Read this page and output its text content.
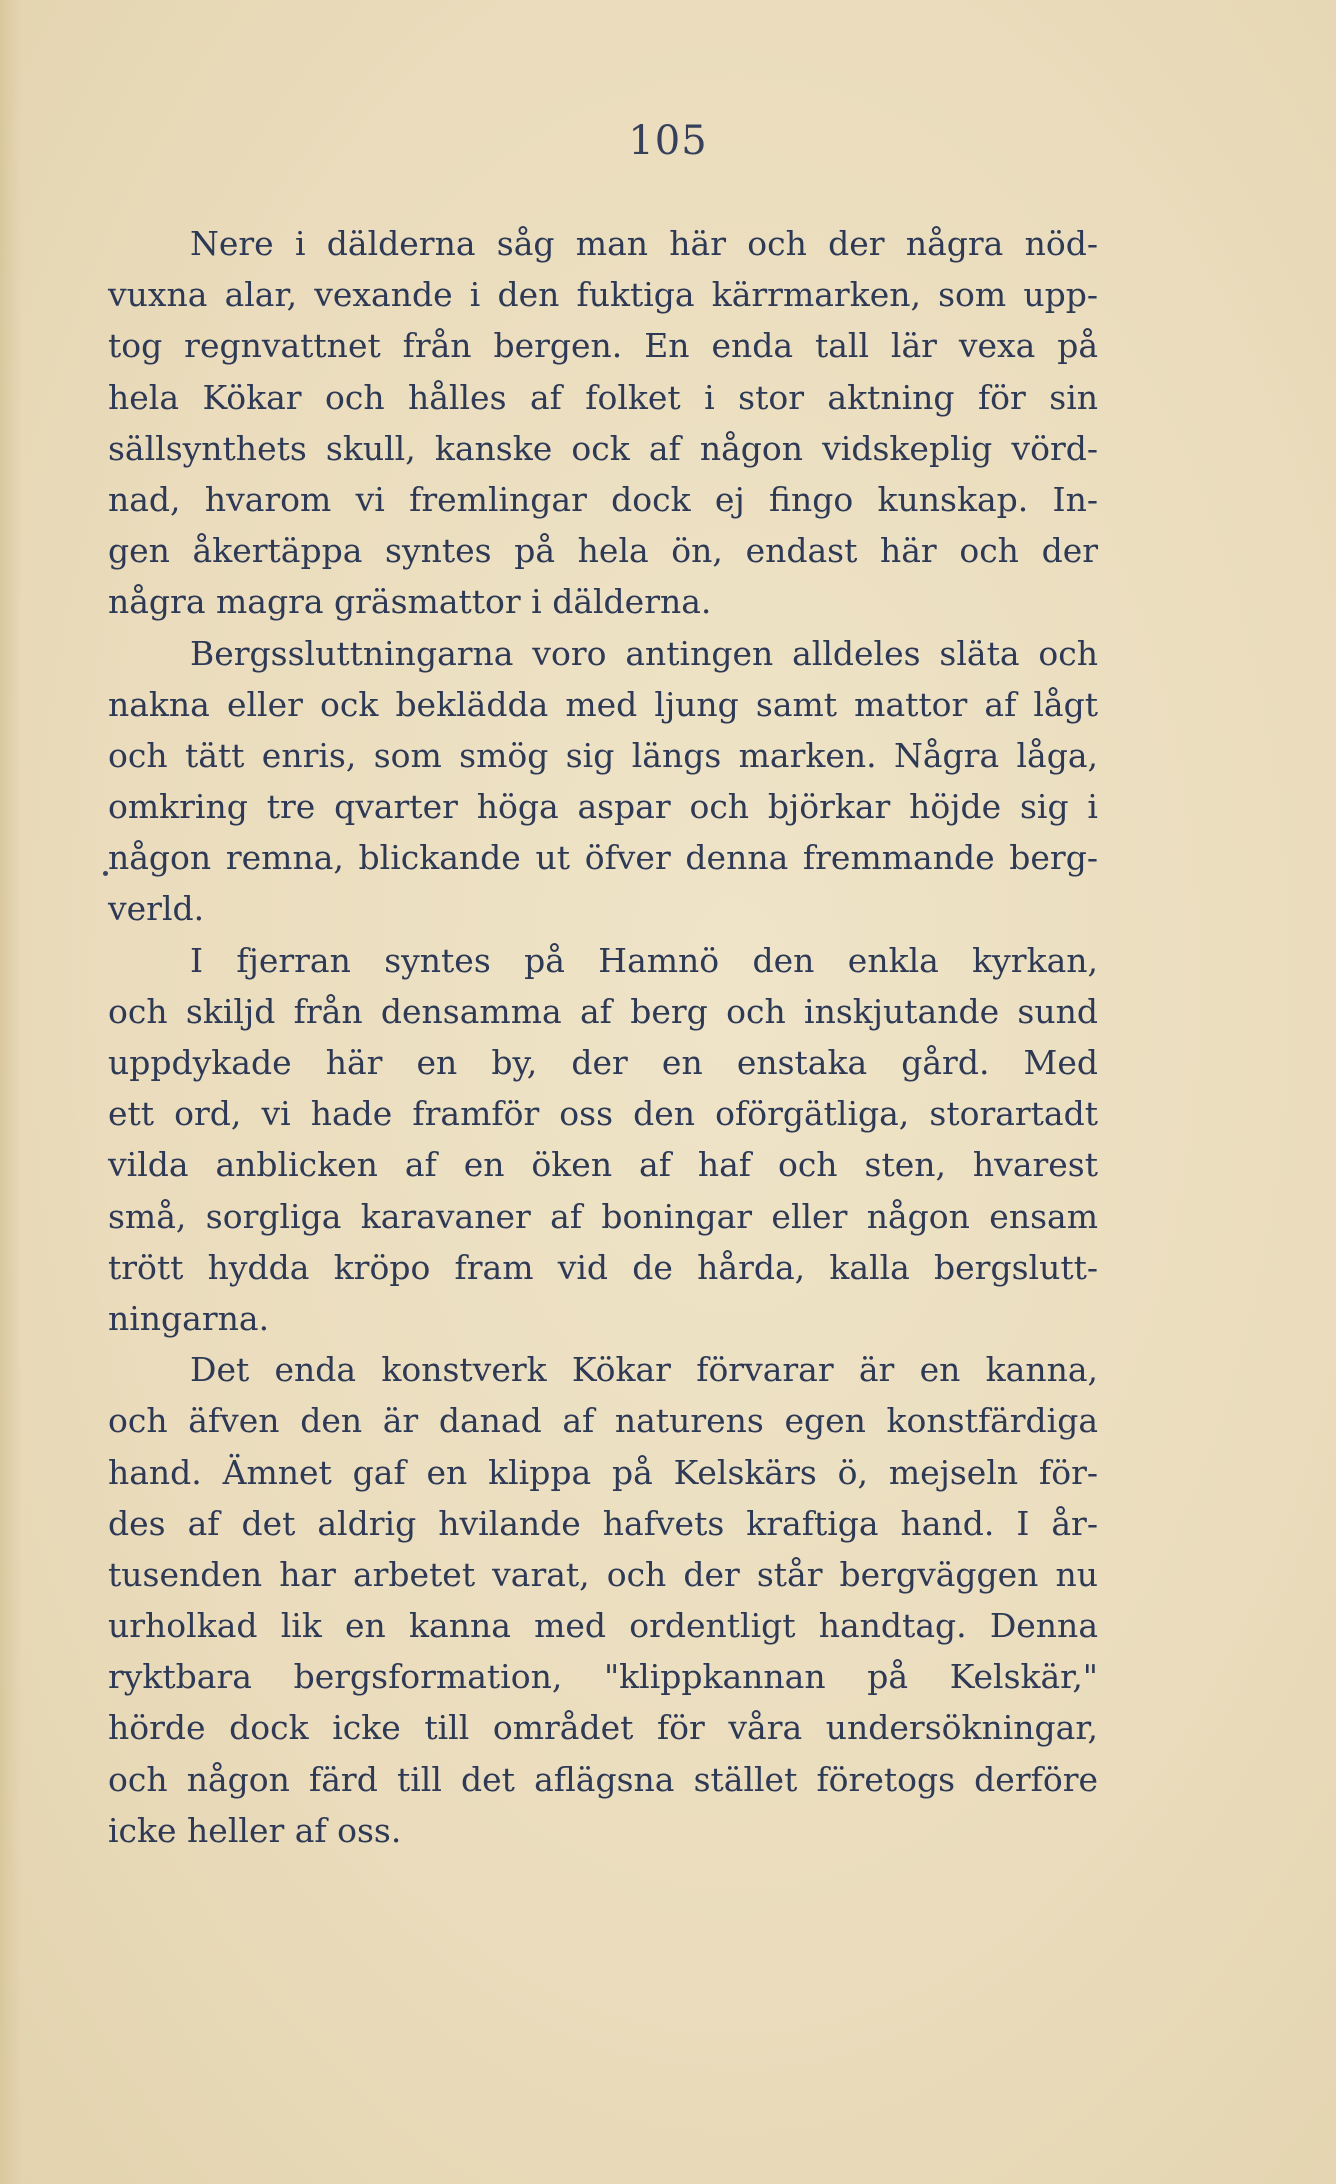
105
Nere i dälderna såg man här och der några nöd-
vuxna alar, vexande i den fuktiga kärrmarken, som upp-
tog regnvattnet från bergen. En enda tall lär vexa på
hela Kökar och hålles af folket i stor aktning för sin
sällsynthets skull, kanske ock af någon vidskeplig vörd-
nad, hvarom vi fremlingar dock ej fingo kunskap. In-
gen åkertäppa syntes på hela ön, endast här och der
några magra gräsmattor i dälderna.
Bergssluttningarna voro antingen alldeles släta och
nakna eller ock beklädda med ljung samt mattor af lågt
och tätt enris, som smög sig längs marken. Några låga,
omkring tre qvarter höga aspar och björkar höjde sig i
någon remna, blickande ut öfver denna fremmande berg-
verld.
I fjerran syntes på Hamnö den enkla kyrkan,
och skiljd från densamma af berg och inskjutande sund
uppdykade här en by, der en enstaka gård. Med
ett ord, vi hade framför oss den oförgätliga, storartadt
vilda anblicken af en öken af haf och sten, hvarest
små, sorgliga karavaner af boningar eller någon ensam
trött hydda kröpo fram vid de hårda, kalla bergslutt-
ningarna.
Det enda konstverk Kökar förvarar är en kanna,
och äfven den är danad af naturens egen konstfärdiga
hand. Ämnet gaf en klippa på Kelskärs ö, mejseln för-
des af det aldrig hvilande hafvets kraftiga hand. I år-
tusenden har arbetet varat, och der står bergväggen nu
urholkad lik en kanna med ordentligt handtag. Denna
ryktbara bergsformation, "klippkannan på Kelskär,"
hörde dock icke till området för våra undersökningar,
och någon färd till det aflägsna stället företogs derföre
icke heller af oss.
